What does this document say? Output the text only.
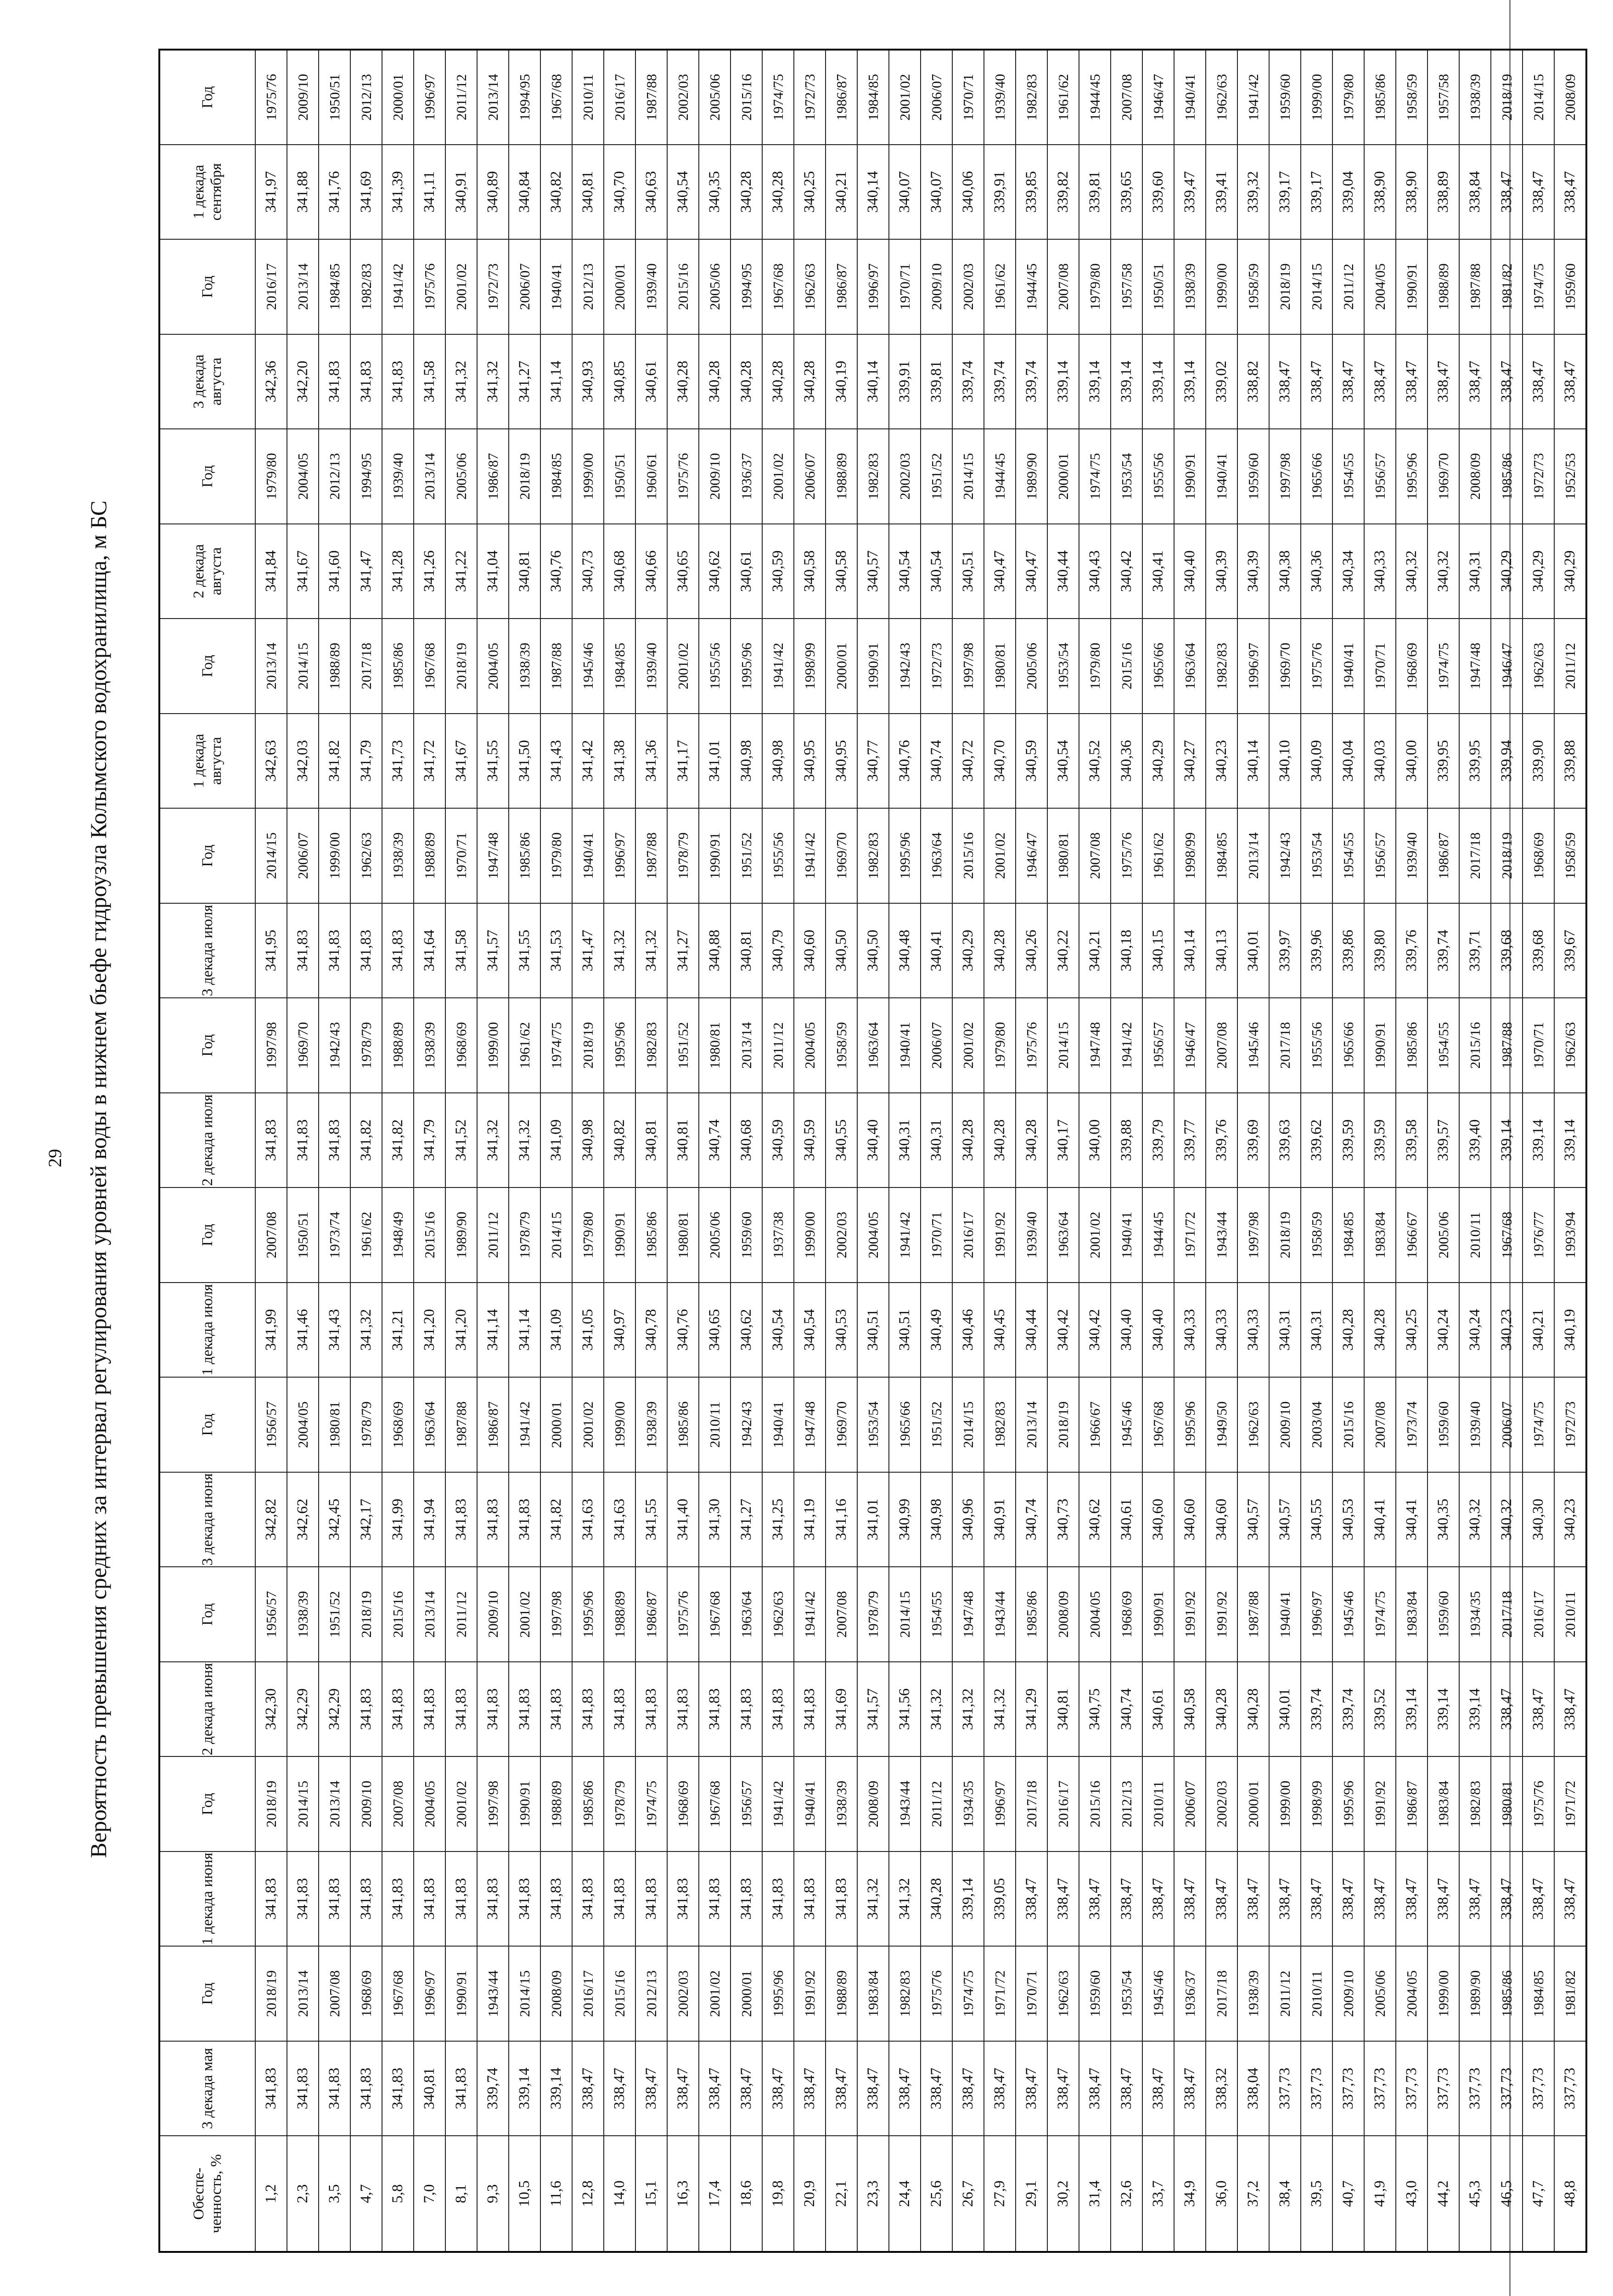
29 Вероятность превышения средних за интервал регулирования уровней воды в нижнем бьефе гидроузла Колымского водохранилища, м БС
Обеспе-ченность, %	3 декада мая	Год	1 декада июня	Год	2 декада июня	Год	3 декада июня	Год	1 декада июля	Год	2 декада июля	Год	3 декада июля	Год	1 декада августа	Год	2 декада августа	Год	3 декада августа	Год	1 декада сентября	Год
1,2	341,83	2018/19	341,83	2018/19	342,30	1956/57	342,82	1956/57	341,99	2007/08	341,83	1997/98	341,95	2014/15	342,63	2013/14	341,84	1979/80	342,36	2016/17	341,97	1975/76
2,3	341,83	2013/14	341,83	2014/15	342,29	1938/39	342,62	2004/05	341,46	1950/51	341,83	1969/70	341,83	2006/07	342,03	2014/15	341,67	2004/05	342,20	2013/14	341,88	2009/10
3,5	341,83	2007/08	341,83	2013/14	342,29	1951/52	342,45	1980/81	341,43	1973/74	341,83	1942/43	341,83	1999/00	341,82	1988/89	341,60	2012/13	341,83	1984/85	341,76	1950/51
4,7	341,83	1968/69	341,83	2009/10	341,83	2018/19	342,17	1978/79	341,32	1961/62	341,82	1978/79	341,83	1962/63	341,79	2017/18	341,47	1994/95	341,83	1982/83	341,69	2012/13
5,8	341,83	1967/68	341,83	2007/08	341,83	2015/16	341,99	1968/69	341,21	1948/49	341,82	1988/89	341,83	1938/39	341,73	1985/86	341,28	1939/40	341,83	1941/42	341,39	2000/01
7,0	340,81	1996/97	341,83	2004/05	341,83	2013/14	341,94	1963/64	341,20	2015/16	341,79	1938/39	341,64	1988/89	341,72	1967/68	341,26	2013/14	341,58	1975/76	341,11	1996/97
8,1	341,83	1990/91	341,83	2001/02	341,83	2011/12	341,83	1987/88	341,20	1989/90	341,52	1968/69	341,58	1970/71	341,67	2018/19	341,22	2005/06	341,32	2001/02	340,91	2011/12
9,3	339,74	1943/44	341,83	1997/98	341,83	2009/10	341,83	1986/87	341,14	2011/12	341,32	1999/00	341,57	1947/48	341,55	2004/05	341,04	1986/87	341,32	1972/73	340,89	2013/14
10,5	339,14	2014/15	341,83	1990/91	341,83	2001/02	341,83	1941/42	341,14	1978/79	341,32	1961/62	341,55	1985/86	341,50	1938/39	340,81	2018/19	341,27	2006/07	340,84	1994/95
11,6	339,14	2008/09	341,83	1988/89	341,83	1997/98	341,82	2000/01	341,09	2014/15	341,09	1974/75	341,53	1979/80	341,43	1987/88	340,76	1984/85	341,14	1940/41	340,82	1967/68
12,8	338,47	2016/17	341,83	1985/86	341,83	1995/96	341,63	2001/02	341,05	1979/80	340,98	2018/19	341,47	1940/41	341,42	1945/46	340,73	1999/00	340,93	2012/13	340,81	2010/11
14,0	338,47	2015/16	341,83	1978/79	341,83	1988/89	341,63	1999/00	340,97	1990/91	340,82	1995/96	341,32	1996/97	341,38	1984/85	340,68	1950/51	340,85	2000/01	340,70	2016/17
15,1	338,47	2012/13	341,83	1974/75	341,83	1986/87	341,55	1938/39	340,78	1985/86	340,81	1982/83	341,32	1987/88	341,36	1939/40	340,66	1960/61	340,61	1939/40	340,63	1987/88
16,3	338,47	2002/03	341,83	1968/69	341,83	1975/76	341,40	1985/86	340,76	1980/81	340,81	1951/52	341,27	1978/79	341,17	2001/02	340,65	1975/76	340,28	2015/16	340,54	2002/03
17,4	338,47	2001/02	341,83	1967/68	341,83	1967/68	341,30	2010/11	340,65	2005/06	340,74	1980/81	340,88	1990/91	341,01	1955/56	340,62	2009/10	340,28	2005/06	340,35	2005/06
18,6	338,47	2000/01	341,83	1956/57	341,83	1963/64	341,27	1942/43	340,62	1959/60	340,68	2013/14	340,81	1951/52	340,98	1995/96	340,61	1936/37	340,28	1994/95	340,28	2015/16
19,8	338,47	1995/96	341,83	1941/42	341,83	1962/63	341,25	1940/41	340,54	1937/38	340,59	2011/12	340,79	1955/56	340,98	1941/42	340,59	2001/02	340,28	1967/68	340,28	1974/75
20,9	338,47	1991/92	341,83	1940/41	341,83	1941/42	341,19	1947/48	340,54	1999/00	340,59	2004/05	340,60	1941/42	340,95	1998/99	340,58	2006/07	340,28	1962/63	340,25	1972/73
22,1	338,47	1988/89	341,83	1938/39	341,69	2007/08	341,16	1969/70	340,53	2002/03	340,55	1958/59	340,50	1969/70	340,95	2000/01	340,58	1988/89	340,19	1986/87	340,21	1986/87
23,3	338,47	1983/84	341,32	2008/09	341,57	1978/79	341,01	1953/54	340,51	2004/05	340,40	1963/64	340,50	1982/83	340,77	1990/91	340,57	1982/83	340,14	1996/97	340,14	1984/85
24,4	338,47	1982/83	341,32	1943/44	341,56	2014/15	340,99	1965/66	340,51	1941/42	340,31	1940/41	340,48	1995/96	340,76	1942/43	340,54	2002/03	339,91	1970/71	340,07	2001/02
25,6	338,47	1975/76	340,28	2011/12	341,32	1954/55	340,98	1951/52	340,49	1970/71	340,31	2006/07	340,41	1963/64	340,74	1972/73	340,54	1951/52	339,81	2009/10	340,07	2006/07
26,7	338,47	1974/75	339,14	1934/35	341,32	1947/48	340,96	2014/15	340,46	2016/17	340,28	2001/02	340,29	2015/16	340,72	1997/98	340,51	2014/15	339,74	2002/03	340,06	1970/71
27,9	338,47	1971/72	339,05	1996/97	341,32	1943/44	340,91	1982/83	340,45	1991/92	340,28	1979/80	340,28	2001/02	340,70	1980/81	340,47	1944/45	339,74	1961/62	339,91	1939/40
29,1	338,47	1970/71	338,47	2017/18	341,29	1985/86	340,74	2013/14	340,44	1939/40	340,28	1975/76	340,26	1946/47	340,59	2005/06	340,47	1989/90	339,74	1944/45	339,85	1982/83
30,2	338,47	1962/63	338,47	2016/17	340,81	2008/09	340,73	2018/19	340,42	1963/64	340,17	2014/15	340,22	1980/81	340,54	1953/54	340,44	2000/01	339,14	2007/08	339,82	1961/62
31,4	338,47	1959/60	338,47	2015/16	340,75	2004/05	340,62	1966/67	340,42	2001/02	340,00	1947/48	340,21	2007/08	340,52	1979/80	340,43	1974/75	339,14	1979/80	339,81	1944/45
32,6	338,47	1953/54	338,47	2012/13	340,74	1968/69	340,61	1945/46	340,40	1940/41	339,88	1941/42	340,18	1975/76	340,36	2015/16	340,42	1953/54	339,14	1957/58	339,65	2007/08
33,7	338,47	1945/46	338,47	2010/11	340,61	1990/91	340,60	1967/68	340,40	1944/45	339,79	1956/57	340,15	1961/62	340,29	1965/66	340,41	1955/56	339,14	1950/51	339,60	1946/47
34,9	338,47	1936/37	338,47	2006/07	340,58	1991/92	340,60	1995/96	340,33	1971/72	339,77	1946/47	340,14	1998/99	340,27	1963/64	340,40	1990/91	339,14	1938/39	339,47	1940/41
36,0	338,32	2017/18	338,47	2002/03	340,28	1991/92	340,60	1949/50	340,33	1943/44	339,76	2007/08	340,13	1984/85	340,23	1982/83	340,39	1940/41	339,02	1999/00	339,41	1962/63
37,2	338,04	1938/39	338,47	2000/01	340,28	1987/88	340,57	1962/63	340,33	1997/98	339,69	1945/46	340,01	2013/14	340,14	1996/97	340,39	1959/60	338,82	1958/59	339,32	1941/42
38,4	337,73	2011/12	338,47	1999/00	340,01	1940/41	340,57	2009/10	340,31	2018/19	339,63	2017/18	339,97	1942/43	340,10	1969/70	340,38	1997/98	338,47	2018/19	339,17	1959/60
39,5	337,73	2010/11	338,47	1998/99	339,74	1996/97	340,55	2003/04	340,31	1958/59	339,62	1955/56	339,96	1953/54	340,09	1975/76	340,36	1965/66	338,47	2014/15	339,17	1999/00
40,7	337,73	2009/10	338,47	1995/96	339,74	1945/46	340,53	2015/16	340,28	1984/85	339,59	1965/66	339,86	1954/55	340,04	1940/41	340,34	1954/55	338,47	2011/12	339,04	1979/80
41,9	337,73	2005/06	338,47	1991/92	339,52	1974/75	340,41	2007/08	340,28	1983/84	339,59	1990/91	339,80	1956/57	340,03	1970/71	340,33	1956/57	338,47	2004/05	338,90	1985/86
43,0	337,73	2004/05	338,47	1986/87	339,14	1983/84	340,41	1973/74	340,25	1966/67	339,58	1985/86	339,76	1939/40	340,00	1968/69	340,32	1995/96	338,47	1990/91	338,90	1958/59
44,2	337,73	1999/00	338,47	1983/84	339,14	1959/60	340,35	1959/60	340,24	2005/06	339,57	1954/55	339,74	1986/87	339,95	1974/75	340,32	1969/70	338,47	1988/89	338,89	1957/58
45,3	337,73	1989/90	338,47	1982/83	339,14	1934/35	340,32	1939/40	340,24	2010/11	339,40	2015/16	339,71	2017/18	339,95	1947/48	340,31	2008/09	338,47	1987/88	338,84	1938/39
46,5	337,73	1985/86	338,47	1980/81	338,47	2017/18	340,32	2006/07	340,23	1967/68	339,14	1987/88	339,68	2018/19	339,94	1946/47	340,29	1985/86	338,47	1981/82	338,47	2018/19
47,7	337,73	1984/85	338,47	1975/76	338,47	2016/17	340,30	1974/75	340,21	1976/77	339,14	1970/71	339,68	1968/69	339,90	1962/63	340,29	1972/73	338,47	1974/75	338,47	2014/15
48,8	337,73	1981/82	338,47	1971/72	338,47	2010/11	340,23	1972/73	340,19	1993/94	339,14	1962/63	339,67	1958/59	339,88	2011/12	340,29	1952/53	338,47	1959/60	338,47	2008/09
